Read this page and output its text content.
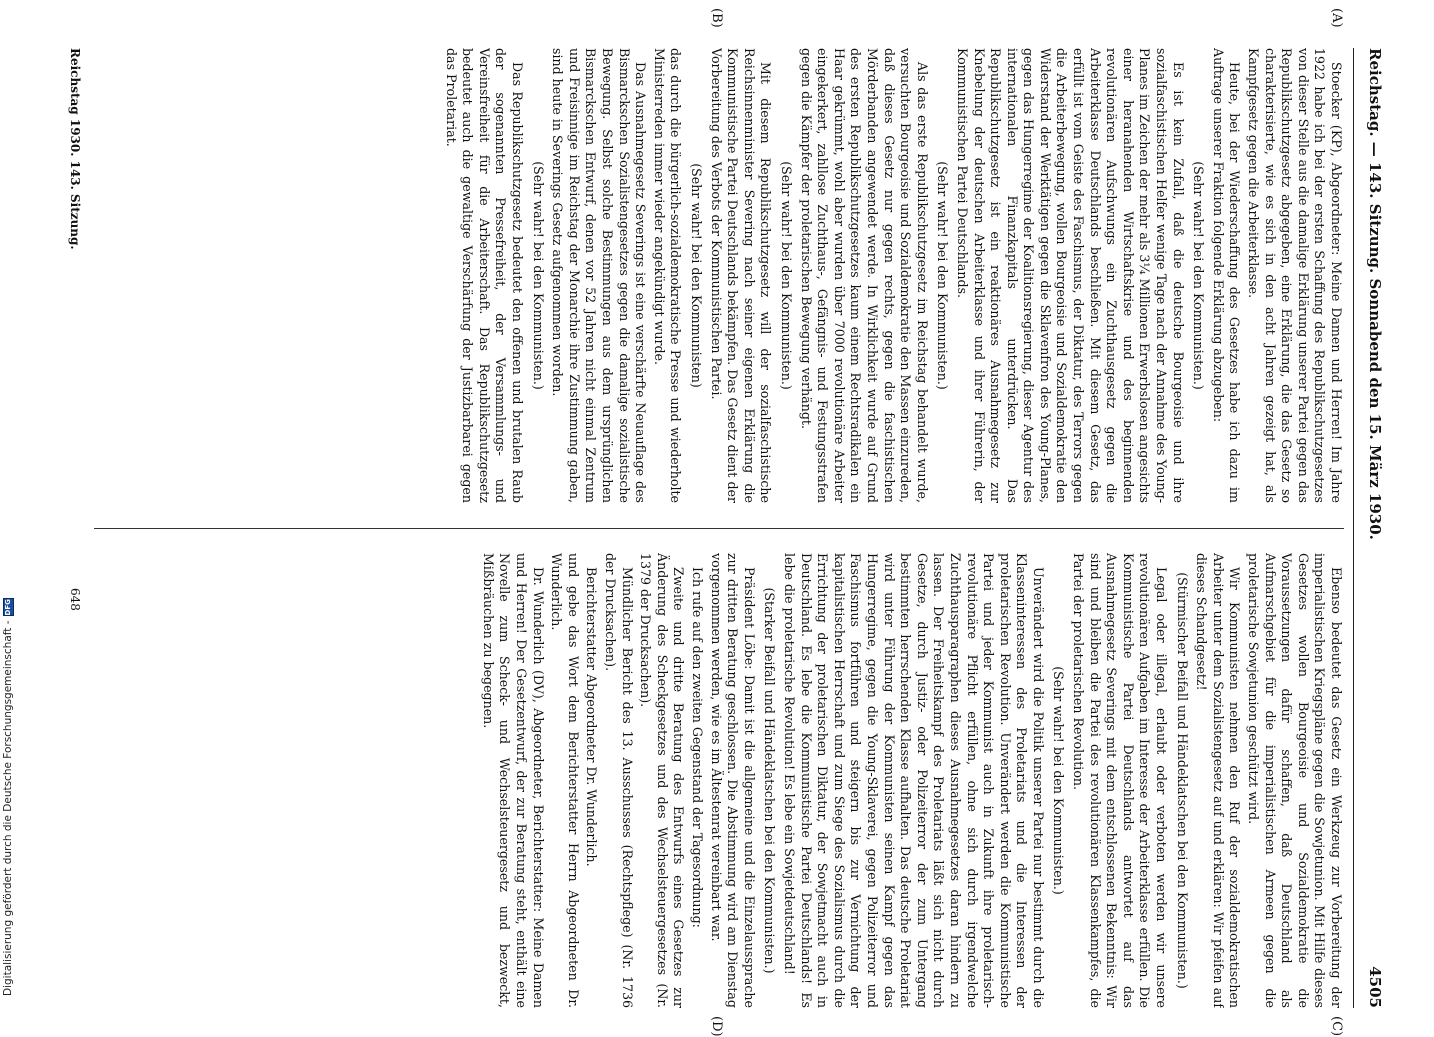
Reichstag. — 143. Sitzung. Sonnabend den 15. März 1930.
4505
(A)
(B)
(C)
(D)

Stoecker (KP), Abgeordneter: Meine Damen und Herren! Im Jahre 1922 habe ich bei der ersten Schaffung des Republikschutzgesetzes von dieser Stelle aus die damalige Erklärung unserer Partei gegen das Republikschutzgesetz abgegeben, eine Erklärung, die das Gesetz so charakterisierte, wie es sich in den acht Jahren gezeigt hat, als Kampfgesetz gegen die Arbeiterklasse.

Heute, bei der Wiederschaffung des Gesetzes habe ich dazu im Auftrage unserer Fraktion folgende Erklärung abzugeben:

(Sehr wahr! bei den Kommunisten.)

Es ist kein Zufall, daß die deutsche Bourgeoisie und ihre sozialfaschistischen Helfer wenige Tage nach der Annahme des Young-Planes im Zeichen der mehr als 3¼ Millionen Erwerbslosen angesichts einer heranahenden Wirtschaftskrise und des beginnenden revolutionären Aufschwungs ein Zuchthausgesetz gegen die Arbeiterklasse Deutschlands beschließen. Mit diesem Gesetz, das erfüllt ist vom Geiste des Faschismus, der Diktatur, des Terrors gegen die Arbeiterbewegung, wollen Bourgeoisie und Sozialdemokratie den Widerstand der Werktätigen gegen die Sklavenfron des Young-Planes, gegen das Hungerregime der Koalitionsregierung, dieser Agentur des internationalen Finanzkapitals unterdrücken. Das Republikschutzgesetz ist ein reaktionäres Ausnahmegesetz zur Knebelung der deutschen Arbeiterklasse und ihrer Führerin, der Kommunistischen Partei Deutschlands.

(Sehr wahr! bei den Kommunisten.)

Als das erste Republikschutzgesetz im Reichstag behandelt wurde, versuchten Bourgeoisie und Sozialdemokratie den Massen einzureden, daß dieses Gesetz nur gegen rechts, gegen die faschistischen Mörderbanden angewendet werde. In Wirklichkeit wurde auf Grund des ersten Republikschutzgesetzes kaum einem Rechtsradikalen ein Haar gekrümmt, wohl aber wurden über 7000 revolutionäre Arbeiter eingekerkert, zahllose Zuchthaus-, Gefängnis- und Festungsstrafen gegen die Kämpfer der proletarischen Bewegung verhängt.

(Sehr wahr! bei den Kommunisten.)

Mit diesem Republikschutzgesetz will der sozialfaschistische Reichsinnenminister Severing nach seiner eigenen Erklärung die Kommunistische Partei Deutschlands bekämpfen. Das Gesetz dient der Vorbereitung des Verbots der Kommunistischen Partei.

(Sehr wahr! bei den Kommunisten)

das durch die bürgerlich-sozialdemokratische Presse und wiederholte Ministerreden immer wieder angekündigt wurde.

Das Ausnahmegesetz Severings ist eine verschärfte Neuauflage des Bismarckschen Sozialistengesetzes gegen die damalige sozialistische Bewegung. Selbst solche Bestimmungen aus dem ursprünglichen Bismarckschen Entwurf, denen vor 52 Jahren nicht einmal Zentrum und Freisinnige im Reichstag der Monarchie ihre Zustimmung gaben, sind heute in Severings Gesetz aufgenommen worden.

(Sehr wahr! bei den Kommunisten.)

Das Republikschutzgesetz bedeutet den offenen und brutalen Raub der sogenannten Pressefreiheit, der Versammlungs- und Vereinsfreiheit für die Arbeiterschaft. Das Republikschutzgesetz bedeutet auch die gewaltige Verschärfung der Justizbarbarei gegen das Proletariat.

Ebenso bedeutet das Gesetz ein Werkzeug zur Vorbereitung der imperialistischen Kriegspläne gegen die Sowjetunion. Mit Hilfe dieses Gesetzes wollen Bourgeoisie und Sozialdemokratie die Voraussetzungen dafür schaffen, daß Deutschland als Aufmarschgebiet für die imperialistischen Armeen gegen die proletarische Sowjetunion geschützt wird.

Wir Kommunisten nehmen den Ruf der sozialdemokratischen Arbeiter unter dem Sozialistengesetz auf und erklären: Wir pfeifen auf dieses Schandgesetz!

(Stürmischer Beifall und Händeklatschen bei den Kommunisten.)

Legal oder illegal, erlaubt oder verboten werden wir unsere revolutionären Aufgaben im Interesse der Arbeiterklasse erfüllen. Die Kommunistische Partei Deutschlands antwortet auf das Ausnahmegesetz Severings mit dem entschlossenen Bekenntnis: Wir sind und bleiben die Partei des revolutionären Klassenkampfes, die Partei der proletarischen Revolution.

(Sehr wahr! bei den Kommunisten.)

Unverändert wird die Politik unserer Partei nur bestimmt durch die Klasseninteressen des Proletariats und die Interessen der proletarischen Revolution. Unverändert werden die Kommunistische Partei und jeder Kommunist auch in Zukunft ihre proletarisch-revolutionäre Pflicht erfüllen, ohne sich durch irgendwelche Zuchthausparagraphen dieses Ausnahmegesetzes daran hindern zu lassen. Der Freiheitskampf des Proletariats läßt sich nicht durch Gesetze, durch Justiz- oder Polizeiterror der zum Untergang bestimmten herrschenden Klasse aufhalten. Das deutsche Proletariat wird unter Führung der Kommunisten seinen Kampf gegen das Hungerregime, gegen die Young-Sklaverei, gegen Polizeiterror und Faschismus fortführen und steigern bis zur Vernichtung der kapitalistischen Herrschaft und zum Siege des Sozialismus durch die Errichtung der proletarischen Diktatur, der Sowjetmacht auch in Deutschland. Es lebe die Kommunistische Partei Deutschlands! Es lebe die proletarische Revolution! Es lebe ein Sowjetdeutschland!

(Starker Beifall und Händeklatschen bei den Kommunisten.)

Präsident Löbe: Damit ist die allgemeine und die Einzelaussprache zur dritten Beratung geschlossen. Die Abstimmung wird am Dienstag vorgenommen werden, wie es im Ältestenrat vereinbart war.

Ich rufe auf den zweiten Gegenstand der Tagesordnung:

Zweite und dritte Beratung des Entwurfs eines Gesetzes zur Änderung des Scheckgesetzes und des Wechselsteuergesetzes (Nr. 1379 der Drucksachen).

Mündlicher Bericht des 13. Ausschusses (Rechtspflege) (Nr. 1736 der Drucksachen).

Berichterstatter Abgeordneter Dr. Wunderlich.

und gebe das Wort dem Berichterstatter Herrn Abgeordneten Dr. Wunderlich.

Dr. Wunderlich (DV), Abgeordneter, Berichterstatter: Meine Damen und Herren! Der Gesetzentwurf, der zur Beratung steht, enthält eine Novelle zum Scheck- und Wechselsteuergesetz und bezweckt, Mißbräuchen zu begegnen.

Reichstag 1930. 143. Sitzung.
648
Digitalisierung gefördert durch die Deutsche Forschungsgemeinschaft -
DFG
